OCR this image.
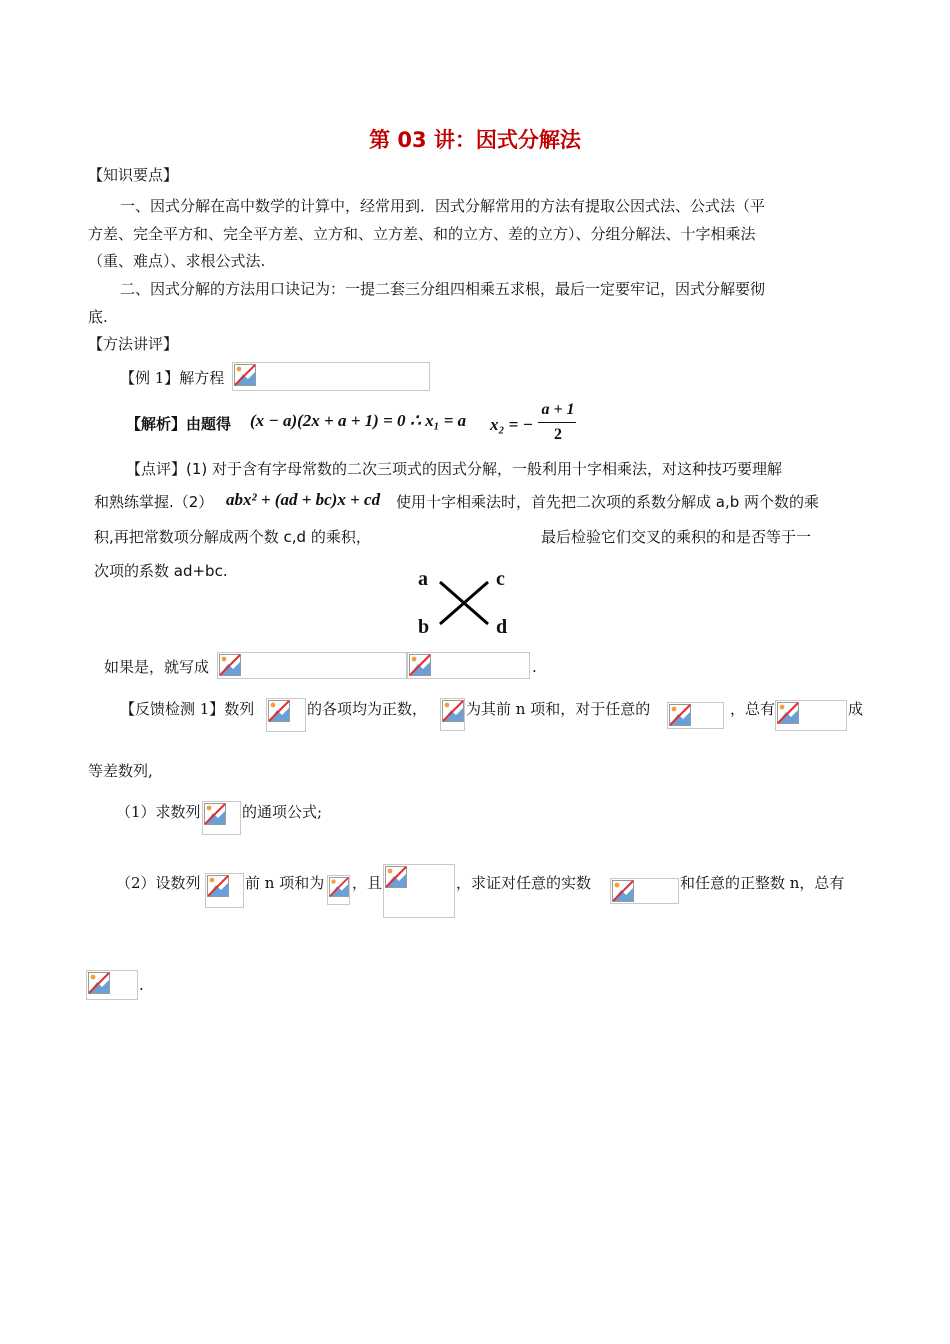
第 03 讲：因式分解法
【知识要点】
一、因式分解在高中数学的计算中，经常用到．因式分解常用的方法有提取公因式法、公式法（平
方差、完全平方和、完全平方差、立方和、立方差、和的立方、差的立方）、分组分解法、十字相乘法
（重、难点）、求根公式法.
二、因式分解的方法用口诀记为：一提二套三分组四相乘五求根，最后一定要牢记，因式分解要彻
底.
【方法讲评】
【例 1】解方程
【解析】由题得 (x − a)(2x + a + 1) = 0 ∴ x₁ = a x₂ = −
a + 1
2
【点评】(1) 对于含有字母常数的二次三项式的因式分解，一般利用十字相乘法，对这种技巧要理解
和熟练掌握.（2） abx² + (ad + bc)x + cd 使用十字相乘法时，首先把二次项的系数分解成 a,b 两个数的乘
积,再把常数项分解成两个数 c,d 的乘积，	最后检验它们交叉的乘积的和是否等于一
次项的系数 ad+bc.	a	c
b	d
如果是，就写成	.
【反馈检测 1】数列	的各项均为正数，	为其前 n 项和，对于任意的	，总有	成
等差数列,
（1）求数列	的通项公式;
（2）设数列	前 n 项和为 ，且	，求证对任意的实数	和任意的正整数 n，总有
.
